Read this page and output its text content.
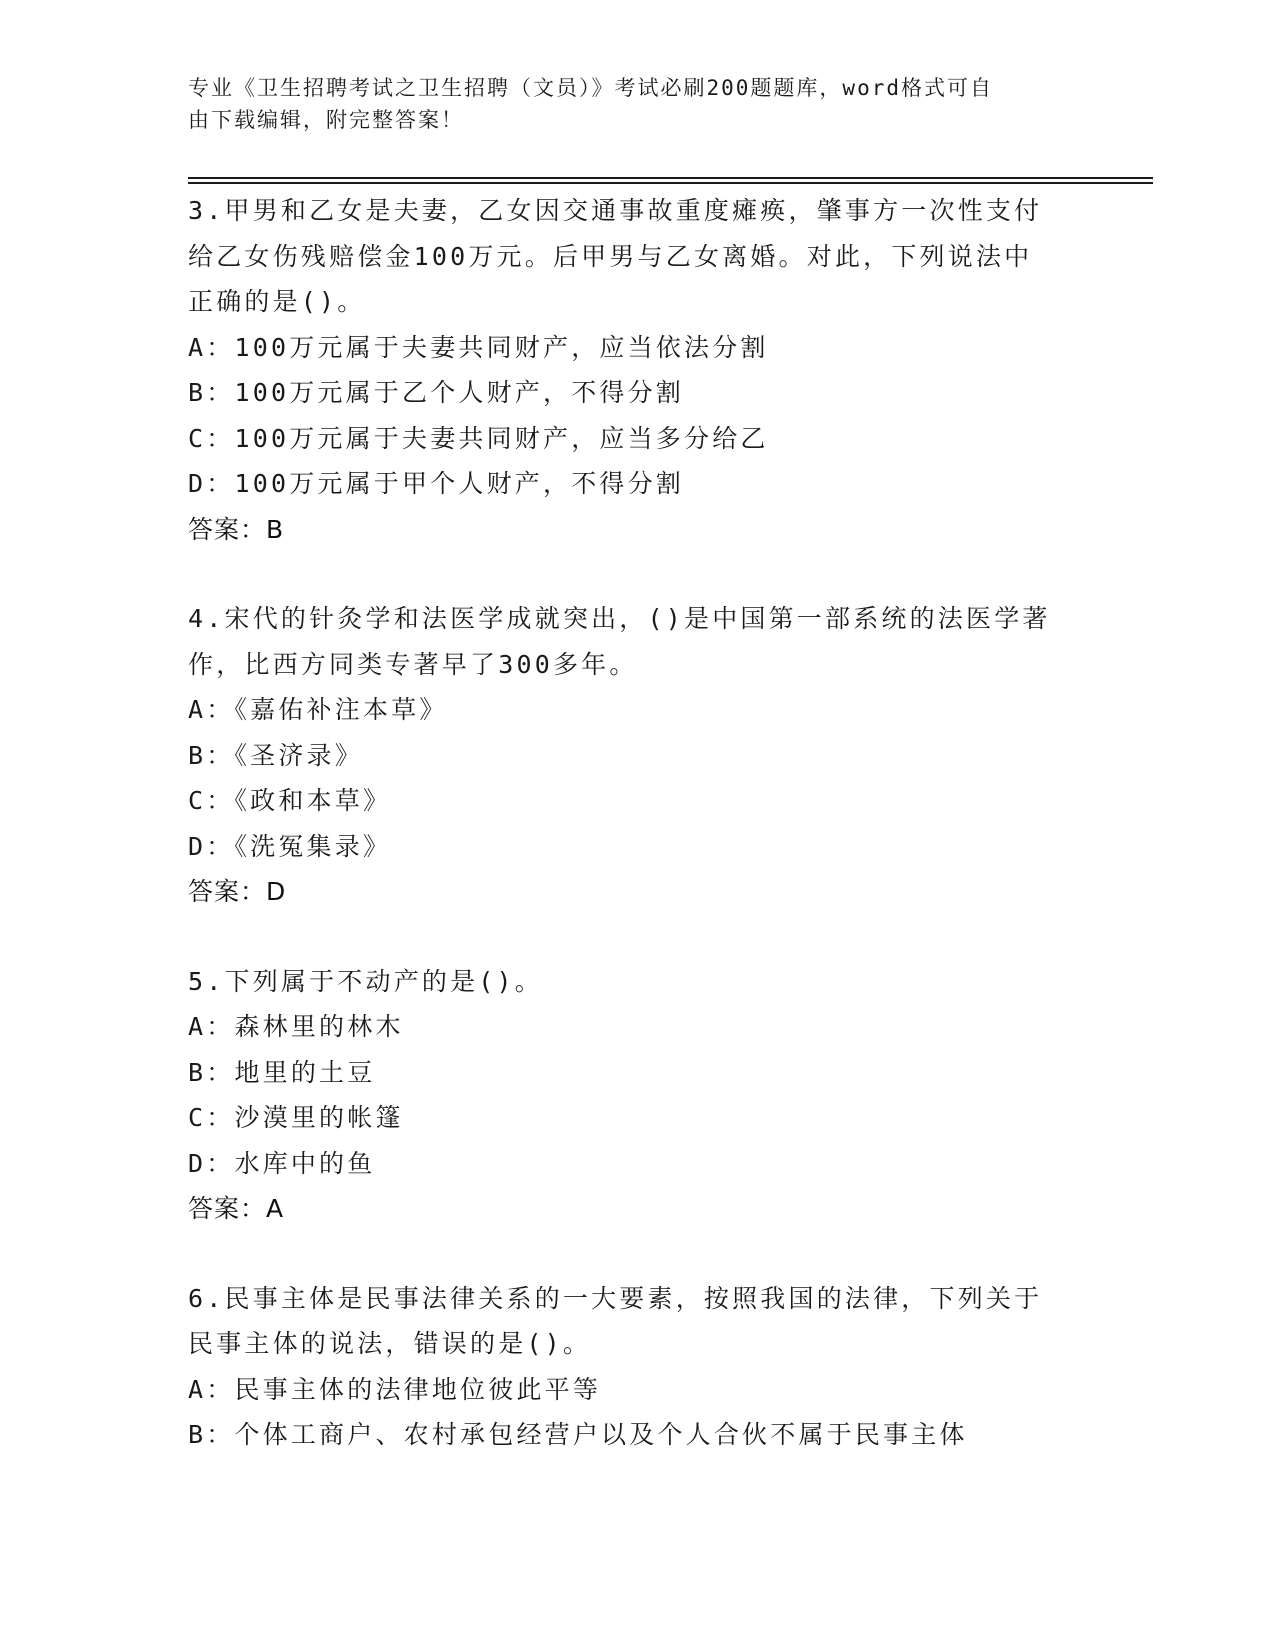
专业《卫生招聘考试之卫生招聘（文员）》考试必刷200题题库，word格式可自
由下载编辑，附完整答案！
3.甲男和乙女是夫妻，乙女因交通事故重度瘫痪，肇事方一次性支付
给乙女伤残赔偿金100万元。后甲男与乙女离婚。对此，下列说法中
正确的是()。
A：100万元属于夫妻共同财产，应当依法分割
B：100万元属于乙个人财产，不得分割
C：100万元属于夫妻共同财产，应当多分给乙
D：100万元属于甲个人财产，不得分割
答案：B
4.宋代的针灸学和法医学成就突出，()是中国第一部系统的法医学著
作，比西方同类专著早了300多年。
A：《嘉佑补注本草》
B：《圣济录》
C：《政和本草》
D：《洗冤集录》
答案：D
5.下列属于不动产的是()。
A：森林里的林木
B：地里的土豆
C：沙漠里的帐篷
D：水库中的鱼
答案：A
6.民事主体是民事法律关系的一大要素，按照我国的法律，下列关于
民事主体的说法，错误的是()。
A：民事主体的法律地位彼此平等
B：个体工商户、农村承包经营户以及个人合伙不属于民事主体
